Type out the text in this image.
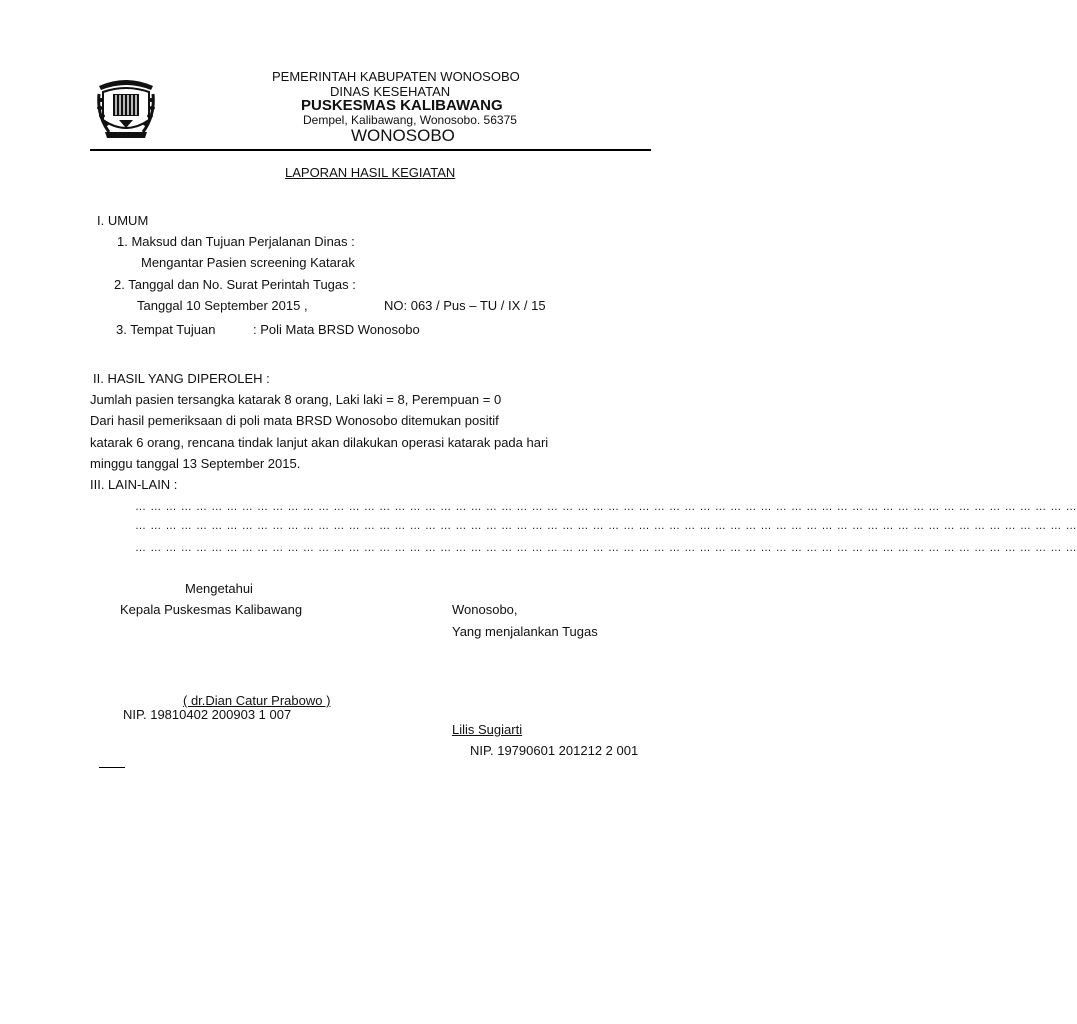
PEMERINTAH KABUPATEN WONOSOBO
DINAS KESEHATAN
PUSKESMAS KALIBAWANG
Dempel, Kalibawang, Wonosobo. 56375
WONOSOBO
LAPORAN HASIL KEGIATAN
I. UMUM
1. Maksud dan Tujuan Perjalanan Dinas :
Mengantar Pasien screening Katarak
2. Tanggal dan No. Surat Perintah Tugas :
Tanggal 10 September 2015 ,	NO: 063 / Pus – TU / IX / 15
3. Tempat Tujuan	: Poli Mata BRSD Wonosobo
II. HASIL YANG DIPEROLEH :
Jumlah pasien tersangka katarak 8 orang, Laki laki = 8, Perempuan = 0
Dari hasil pemeriksaan di poli mata BRSD Wonosobo ditemukan positif
katarak 6 orang, rencana tindak lanjut akan dilakukan operasi katarak pada hari
minggu tanggal 13 September 2015.
III. LAIN-LAIN :
… … … … … … … … … … … … … … … … … … … … … … … … … … … … … … … … … … … … … … … … … … … … … … … … … … … … … … … … … … … … … …
… … … … … … … … … … … … … … … … … … … … … … … … … … … … … … … … … … … … … … … … … … … … … … … … … … … … … … … … … … … … … …
… … … … … … … … … … … … … … … … … … … … … … … … … … … … … … … … … … … … … … … … … … … … … … … … … … … … … … … … … … … … … …
Mengetahui
Kepala Puskesmas Kalibawang	Wonosobo,
Yang menjalankan Tugas
( dr.Dian Catur Prabowo )
NIP. 19810402 200903 1 007
Lilis Sugiarti
NIP. 19790601 201212 2 001
